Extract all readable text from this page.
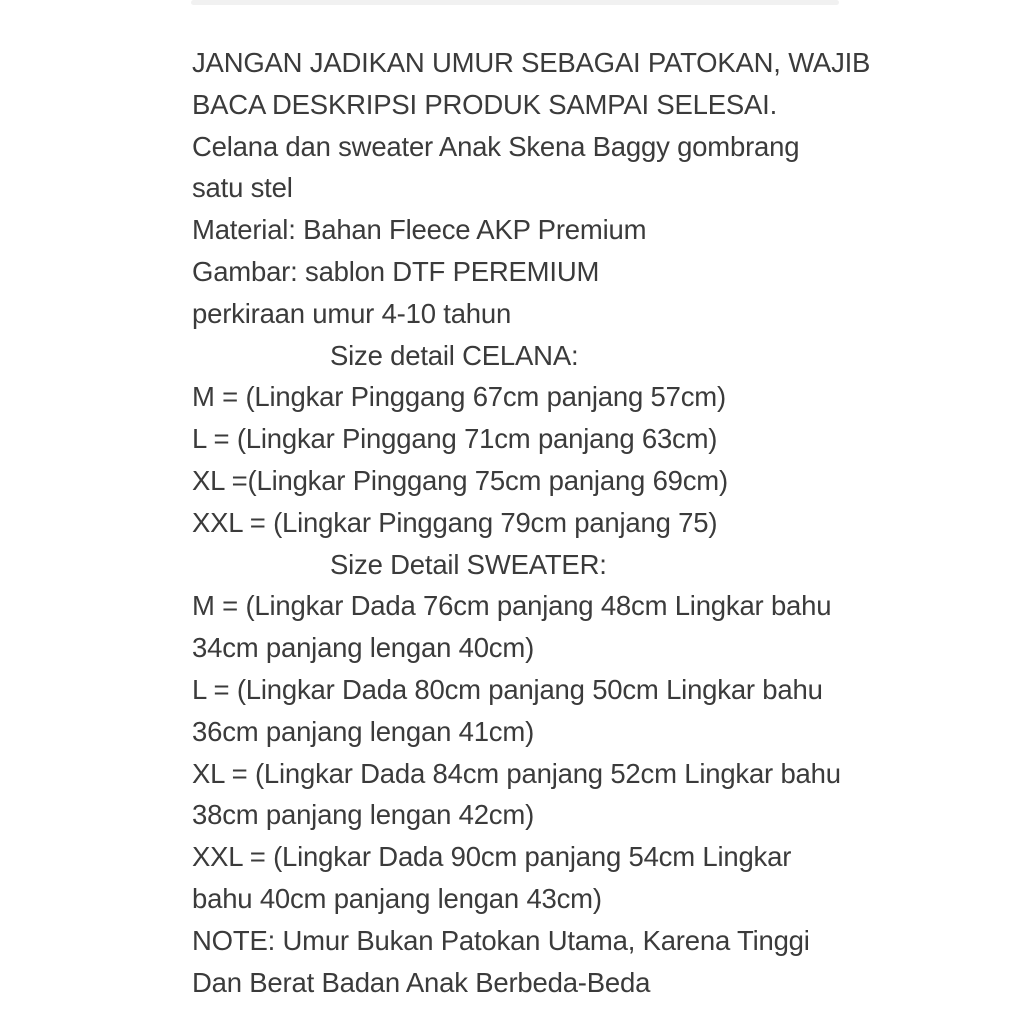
JANGAN JADIKAN UMUR SEBAGAI PATOKAN, WAJIB
BACA DESKRIPSI PRODUK SAMPAI SELESAI.
Celana dan sweater Anak Skena Baggy gombrang
satu stel
Material: Bahan Fleece AKP Premium
Gambar: sablon DTF PEREMIUM
perkiraan umur 4-10 tahun
Size detail CELANA:
M = (Lingkar Pinggang 67cm panjang 57cm)
L = (Lingkar Pinggang 71cm panjang 63cm)
XL =(Lingkar Pinggang 75cm panjang 69cm)
XXL = (Lingkar Pinggang 79cm panjang 75)
Size Detail SWEATER:
M = (Lingkar Dada 76cm panjang 48cm Lingkar bahu
34cm panjang lengan 40cm)
L = (Lingkar Dada 80cm panjang 50cm Lingkar bahu
36cm panjang lengan 41cm)
XL = (Lingkar Dada 84cm panjang 52cm Lingkar bahu
38cm panjang lengan 42cm)
XXL = (Lingkar Dada 90cm panjang 54cm Lingkar
bahu 40cm panjang lengan 43cm)
NOTE: Umur Bukan Patokan Utama, Karena Tinggi
Dan Berat Badan Anak Berbeda-Beda
